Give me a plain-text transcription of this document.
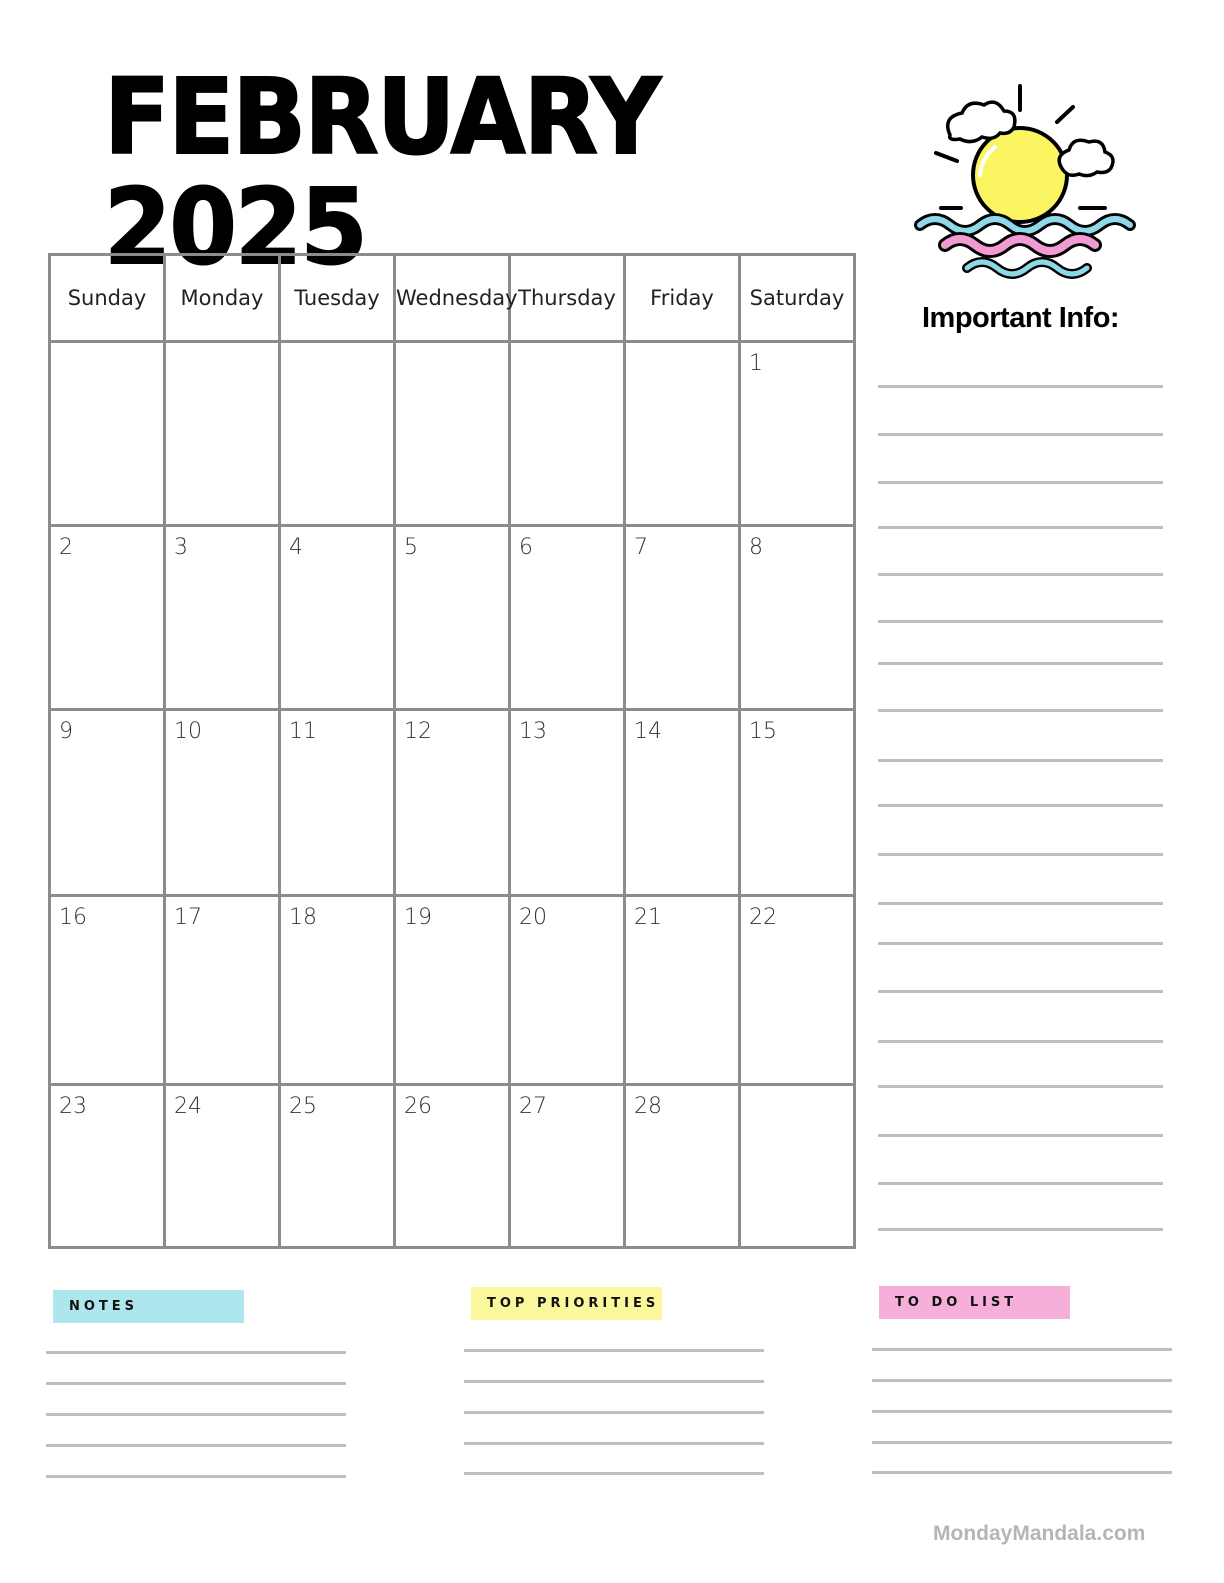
FEBRUARY 2025
Important Info:
Sunday	Monday	Tuesday	Wednesday	Thursday	Friday	Saturday

						1

2	3	4	5	6	7	8

9	10	11	12	13	14	15

16	17	18	19	20	21	22

23	24	25	26	27	28	

NOTES	TOP PRIORITIES	TO DO LIST
MondayMandala.com
